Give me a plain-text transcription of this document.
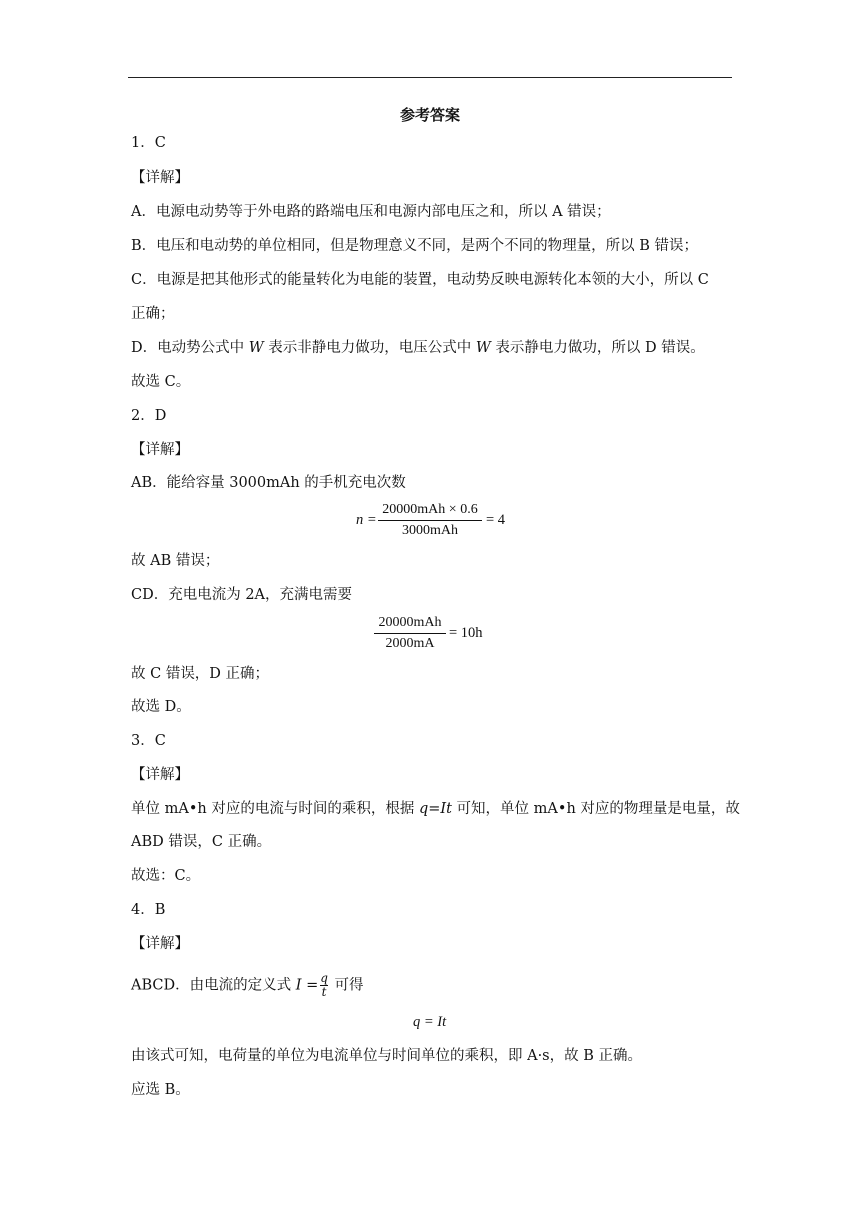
参考答案
1．C
【详解】
A．电源电动势等于外电路的路端电压和电源内部电压之和，所以 A 错误；
B．电压和电动势的单位相同，但是物理意义不同，是两个不同的物理量，所以 B 错误；
C．电源是把其他形式的能量转化为电能的装置，电动势反映电源转化本领的大小，所以 C
正确；
D．电动势公式中 W 表示非静电力做功，电压公式中 W 表示静电力做功，所以 D 错误。
故选 C。
2．D
【详解】
AB．能给容量 3000mAh 的手机充电次数
n =
20000mAh × 0.6
3000mAh
= 4
故 AB 错误；
CD．充电电流为 2A，充满电需要
20000mAh
2000mA
= 10h
故 C 错误，D 正确；
故选 D。
3．C
【详解】
单位 mA•h 对应的电流与时间的乘积，根据 q=It 可知，单位 mA•h 对应的物理量是电量，故
ABD 错误，C 正确。
故选：C。
4．B
【详解】
ABCD．由电流的定义式 $I = \frac{q}{t}$ 可得
q = It
由该式可知，电荷量的单位为电流单位与时间单位的乘积，即 A·s，故 B 正确。
应选 B。
